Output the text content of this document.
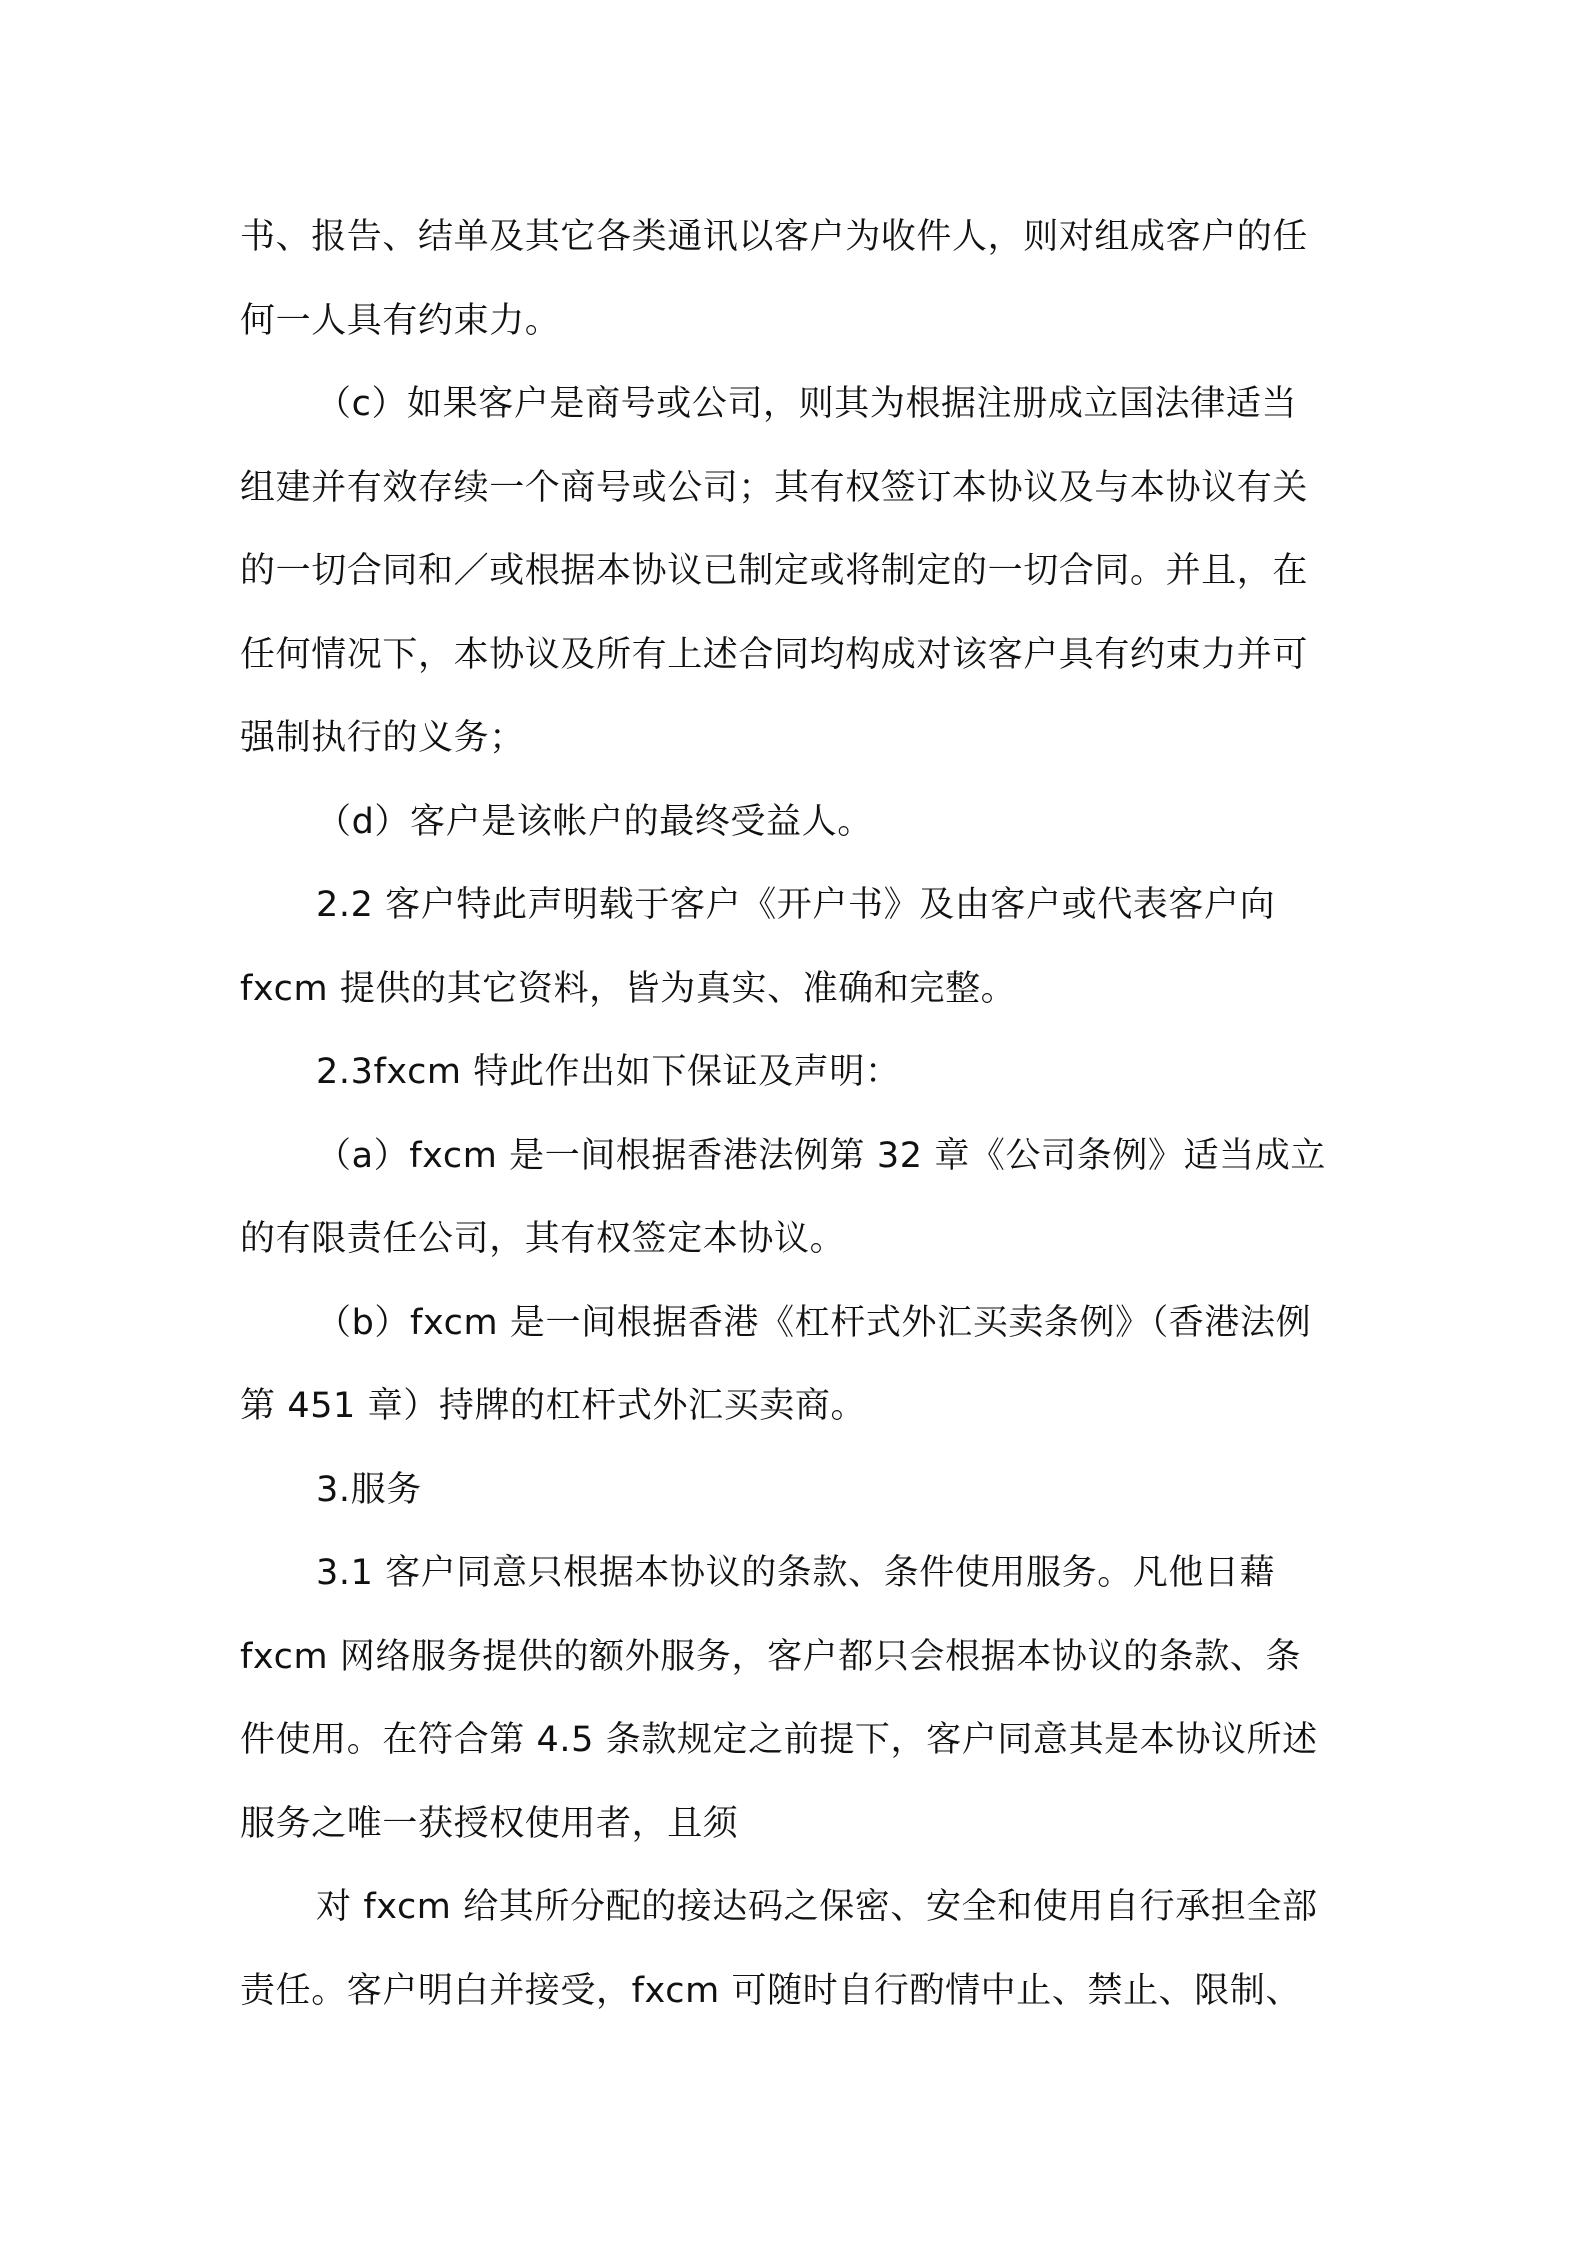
书、报告、结单及其它各类通讯以客户为收件人，则对组成客户的任
何一人具有约束力。
（c）如果客户是商号或公司，则其为根据注册成立国法律适当
组建并有效存续一个商号或公司；其有权签订本协议及与本协议有关
的一切合同和／或根据本协议已制定或将制定的一切合同。并且，在
任何情况下，本协议及所有上述合同均构成对该客户具有约束力并可
强制执行的义务；
（d）客户是该帐户的最终受益人。
2.2 客户特此声明载于客户《开户书》及由客户或代表客户向
fxcm 提供的其它资料，皆为真实、准确和完整。
2.3fxcm 特此作出如下保证及声明：
（a）fxcm 是一间根据香港法例第 32 章《公司条例》适当成立
的有限责任公司，其有权签定本协议。
（b）fxcm 是一间根据香港《杠杆式外汇买卖条例》（香港法例
第 451 章）持牌的杠杆式外汇买卖商。
3.服务
3.1 客户同意只根据本协议的条款、条件使用服务。凡他日藉
fxcm 网络服务提供的额外服务，客户都只会根据本协议的条款、条
件使用。在符合第 4.5 条款规定之前提下，客户同意其是本协议所述
服务之唯一获授权使用者，且须
对 fxcm 给其所分配的接达码之保密、安全和使用自行承担全部
责任。客户明白并接受，fxcm 可随时自行酌情中止、禁止、限制、
